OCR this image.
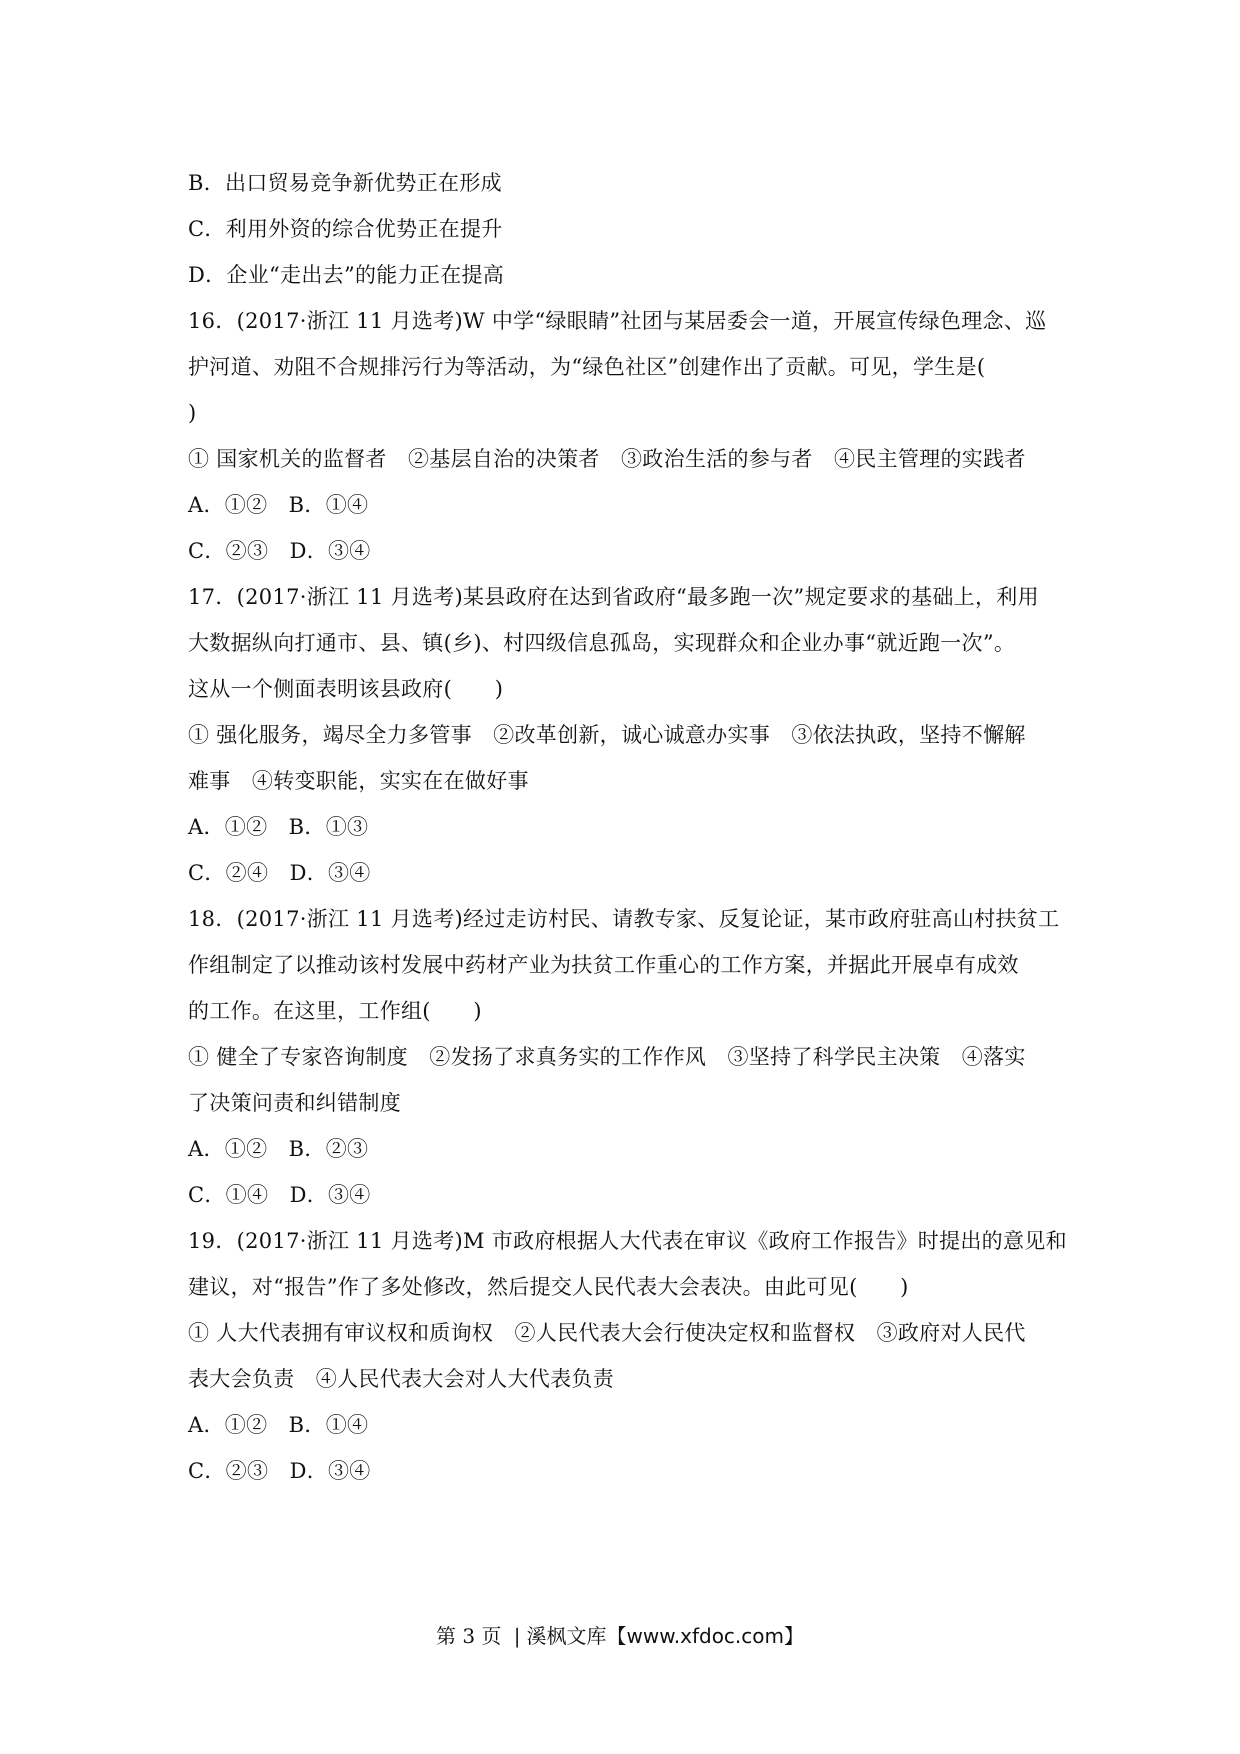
B．出口贸易竞争新优势正在形成
C．利用外资的综合优势正在提升
D．企业“走出去”的能力正在提高
16．(2017·浙江 11 月选考)W 中学“绿眼睛”社团与某居委会一道，开展宣传绿色理念、巡
护河道、劝阻不合规排污行为等活动，为“绿色社区”创建作出了贡献。可见，学生是(
)
① 国家机关的监督者　②基层自治的决策者　③政治生活的参与者　④民主管理的实践者
A．①②　B．①④
C．②③　D．③④
17．(2017·浙江 11 月选考)某县政府在达到省政府“最多跑一次”规定要求的基础上，利用
大数据纵向打通市、县、镇(乡)、村四级信息孤岛，实现群众和企业办事“就近跑一次”。
这从一个侧面表明该县政府(　　)
① 强化服务，竭尽全力多管事　②改革创新，诚心诚意办实事　③依法执政，坚持不懈解
难事　④转变职能，实实在在做好事
A．①②　B．①③
C．②④　D．③④
18．(2017·浙江 11 月选考)经过走访村民、请教专家、反复论证，某市政府驻高山村扶贫工
作组制定了以推动该村发展中药材产业为扶贫工作重心的工作方案，并据此开展卓有成效
的工作。在这里，工作组(　　)
① 健全了专家咨询制度　②发扬了求真务实的工作作风　③坚持了科学民主决策　④落实
了决策问责和纠错制度
A．①②　B．②③
C．①④　D．③④
19．(2017·浙江 11 月选考)M 市政府根据人大代表在审议《政府工作报告》时提出的意见和
建议，对“报告”作了多处修改，然后提交人民代表大会表决。由此可见(　　)
① 人大代表拥有审议权和质询权　②人民代表大会行使决定权和监督权　③政府对人民代
表大会负责　④人民代表大会对人大代表负责
A．①②　B．①④
C．②③　D．③④
第 3 页 | 溪枫文库【www.xfdoc.com】
